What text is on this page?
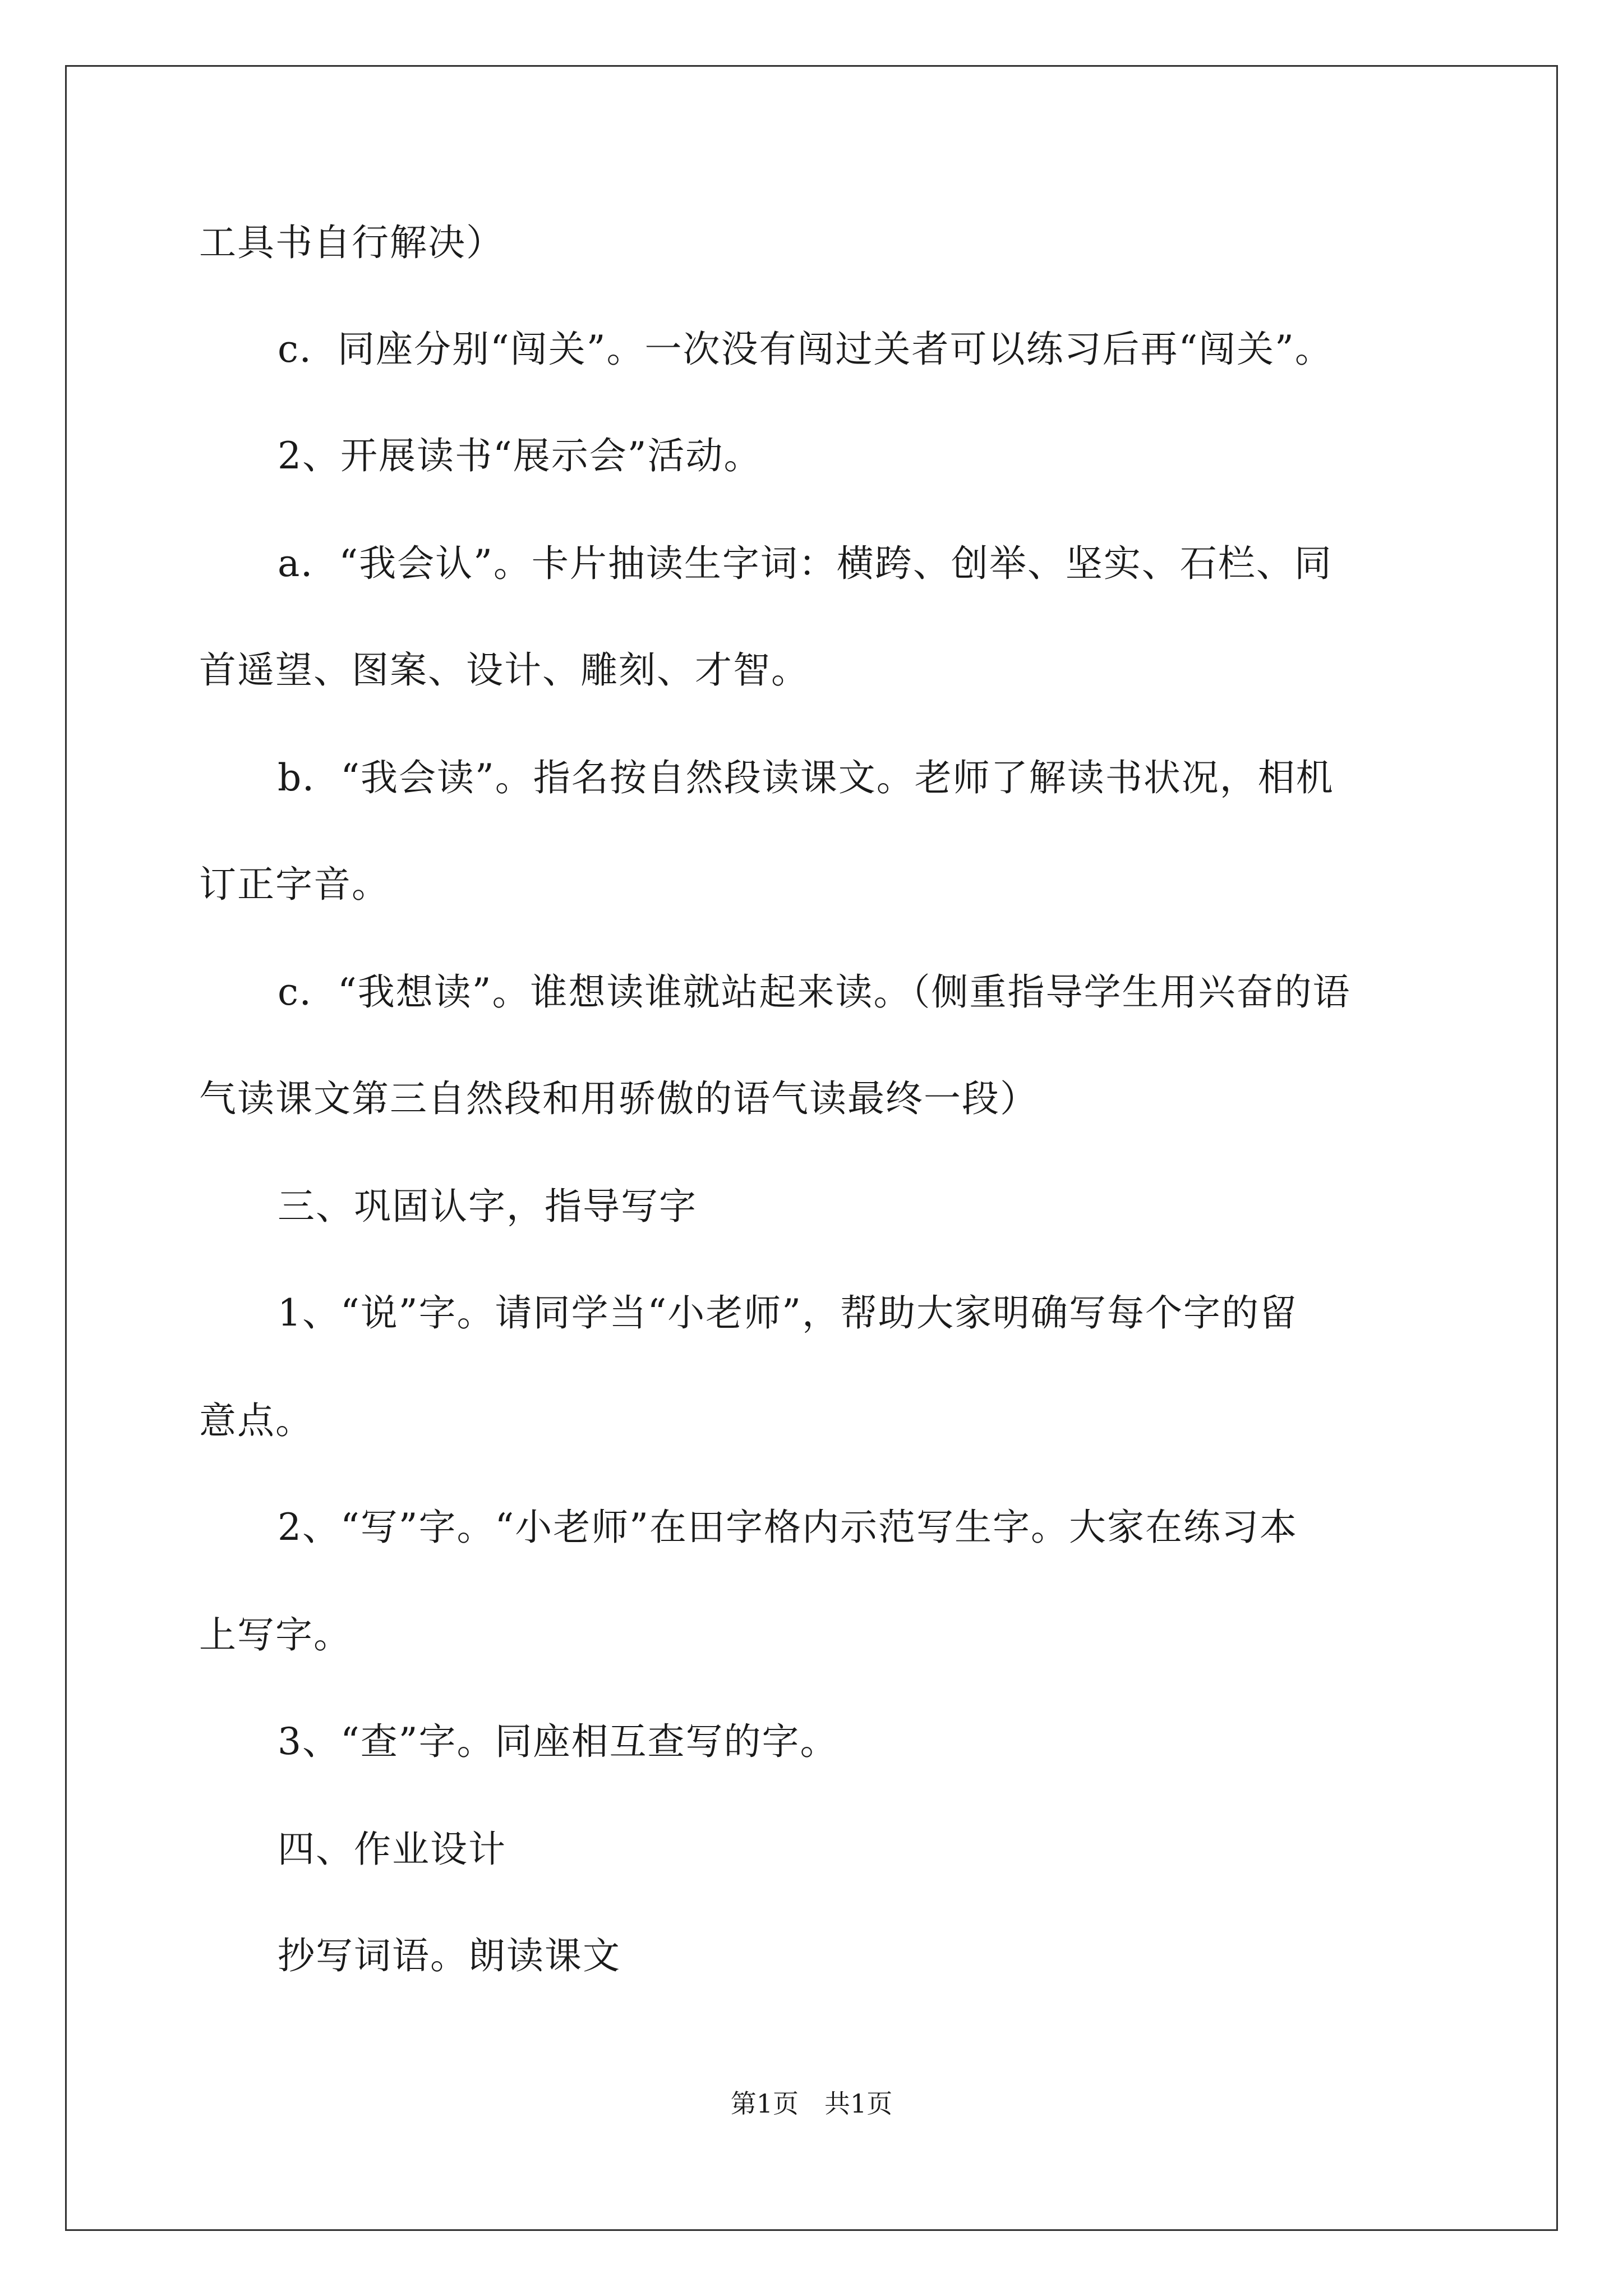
工具书自行解决）
c．同座分别“闯关”。一次没有闯过关者可以练习后再“闯关”。
2、开展读书“展示会”活动。
a．“我会认”。卡片抽读生字词：横跨、创举、坚实、石栏、同
首遥望、图案、设计、雕刻、才智。
b．“我会读”。指名按自然段读课文。老师了解读书状况，相机
订正字音。
c．“我想读”。谁想读谁就站起来读。（侧重指导学生用兴奋的语
气读课文第三自然段和用骄傲的语气读最终一段）
三、巩固认字，指导写字
1、“说”字。请同学当“小老师”，帮助大家明确写每个字的留
意点。
2、“写”字。“小老师”在田字格内示范写生字。大家在练习本
上写字。
3、“查”字。同座相互查写的字。
四、作业设计
抄写词语。朗读课文
第1页　共1页
